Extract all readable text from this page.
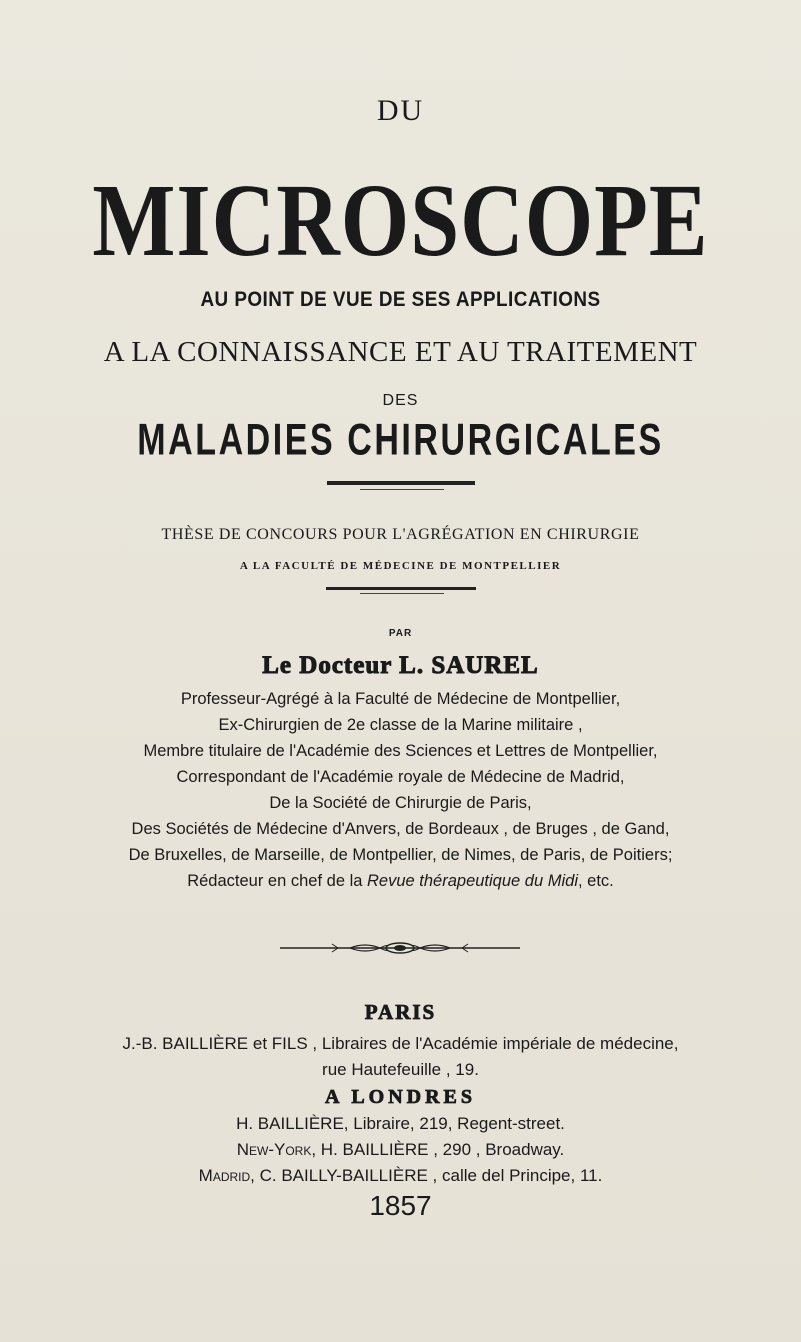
DU
MICROSCOPE
AU POINT DE VUE DE SES APPLICATIONS
A LA CONNAISSANCE ET AU TRAITEMENT
DES
MALADIES CHIRURGICALES
THÈSE DE CONCOURS POUR L'AGRÉGATION EN CHIRURGIE
A LA FACULTÉ DE MÉDECINE DE MONTPELLIER
PAR
Le Docteur L. SAUREL
Professeur-Agrégé à la Faculté de Médecine de Montpellier,
Ex-Chirurgien de 2e classe de la Marine militaire ,
Membre titulaire de l'Académie des Sciences et Lettres de Montpellier,
Correspondant de l'Académie royale de Médecine de Madrid,
De la Société de Chirurgie de Paris,
Des Sociétés de Médecine d'Anvers, de Bordeaux , de Bruges , de Gand,
De Bruxelles, de Marseille, de Montpellier, de Nimes, de Paris, de Poitiers;
Rédacteur en chef de la Revue thérapeutique du Midi, etc.
PARIS
J.-B. BAILLIÈRE et FILS , Libraires de l'Académie impériale de médecine,
rue Hautefeuille , 19.
A LONDRES
H. BAILLIÈRE, Libraire, 219, Regent-street.
New-York, H. BAILLIÈRE , 290 , Broadway.
Madrid, C. BAILLY-BAILLIÈRE , calle del Principe, 11.
1857
